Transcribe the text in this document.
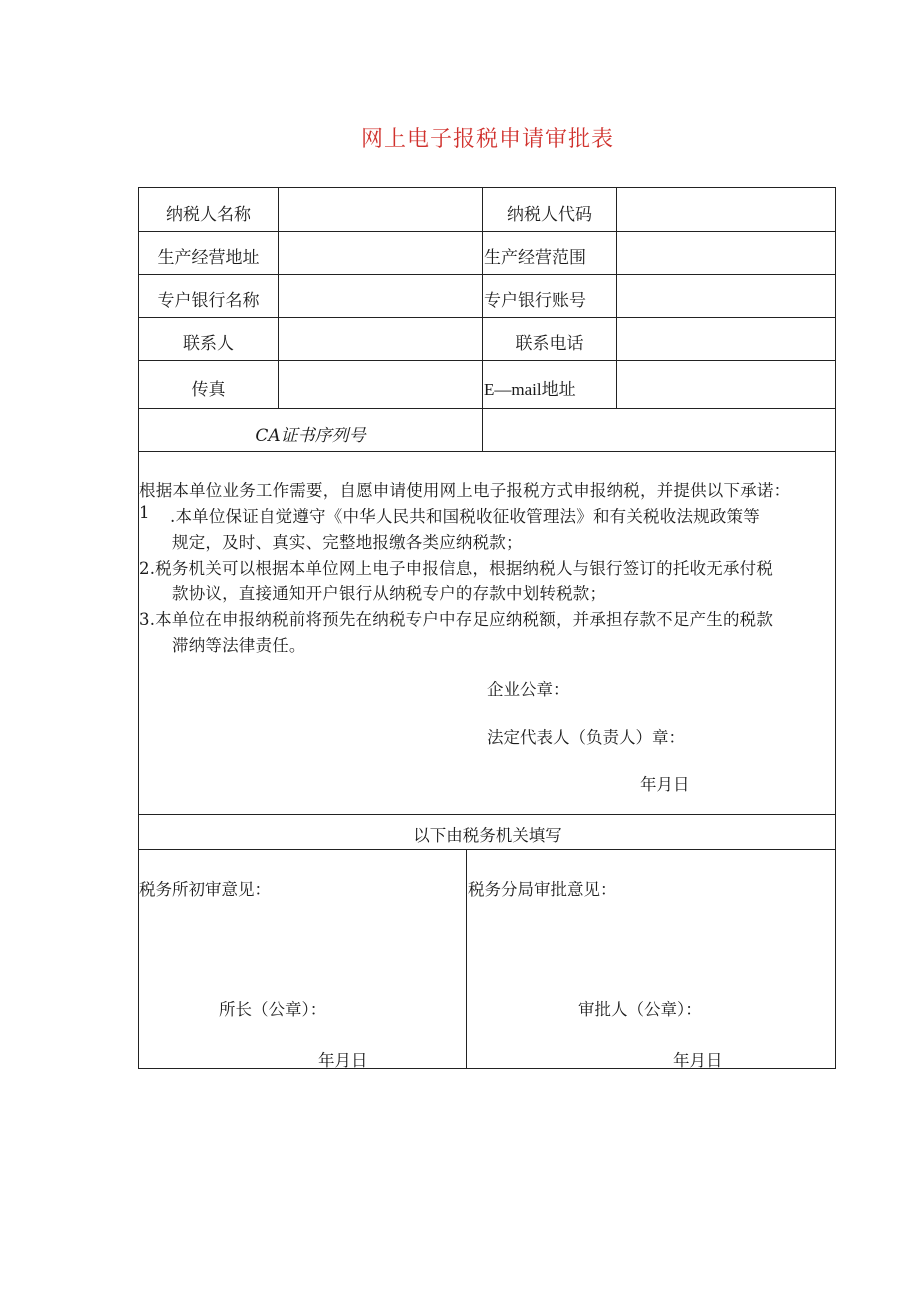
网上电子报税申请审批表
纳税人名称	纳税人代码
生产经营地址	生产经营范围
专户银行名称	专户银行账号
联系人	联系电话
传真	E—mail地址
CA证书序列号
根据本单位业务工作需要，自愿申请使用网上电子报税方式申报纳税，并提供以下承诺：
1 .本单位保证自觉遵守《中华人民共和国税收征收管理法》和有关税收法规政策等
规定，及时、真实、完整地报缴各类应纳税款；
2.税务机关可以根据本单位网上电子申报信息，根据纳税人与银行签订的托收无承付税
款协议，直接通知开户银行从纳税专户的存款中划转税款；
3.本单位在申报纳税前将预先在纳税专户中存足应纳税额，并承担存款不足产生的税款
滞纳等法律责任。
企业公章：
法定代表人（负责人）章：
年月日
以下由税务机关填写
税务所初审意见：
所长（公章）：
年月日
税务分局审批意见：
审批人（公章）：
年月日
